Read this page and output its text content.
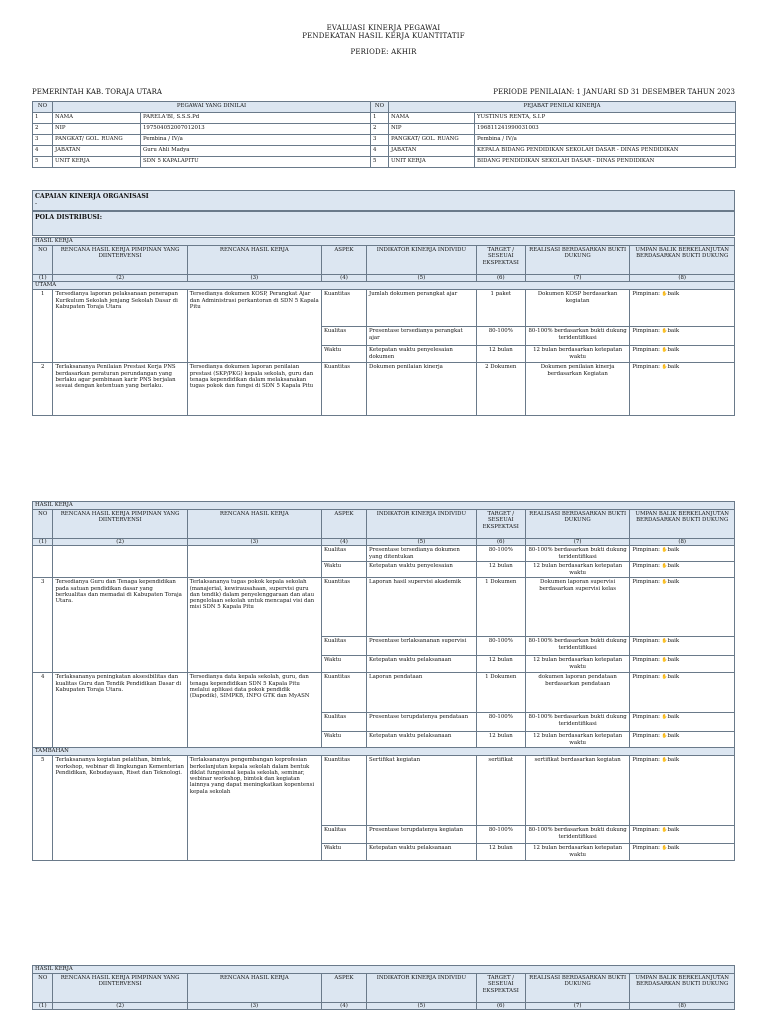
EVALUASI KINERJA PEGAWAI
PENDEKATAN HASIL KERJA KUANTITATIF
PERIODE: AKHIR
PEMERINTAH KAB. TORAJA UTARA	PERIODE PENILAIAN: 1 JANUARI SD 31 DESEMBER TAHUN 2023
NO	PEGAWAI YANG DINILAI		NO	PEJABAT PENILAI KINERJA	
1	NAMA	PARELA'BI, S.S.S.Pd	1	NAMA	YUSTINUS RENTA, S.I.P
2	NIP	197504052007012013	2	NIP	196811241990031003
3	PANGKAT/ GOL. RUANG	Pembina / IV/a	3	PANGKAT/ GOL. RUANG	Pembina / IV/a
4	JABATAN	Guru Ahli Madya	4	JABATAN	KEPALA BIDANG PENDIDIKAN SEKOLAH DASAR - DINAS PENDIDIKAN
5	UNIT KERJA	SDN 5 KAPALAPITU	5	UNIT KERJA	BIDANG PENDIDIKAN SEKOLAH DASAR - DINAS PENDIDIKAN
CAPAIAN KINERJA ORGANISASI
-
POLA DISTRIBUSI:
HASIL KERJA							
NO	RENCANA HASIL KERJA PIMPINAN YANG DIINTERVENSI	RENCANA HASIL KERJA	ASPEK	INDIKATOR KINERJA INDIVIDU	TARGET / SESEUAI EKSPEKTASI	REALISASI BERDASARKAN BUKTI DUKUNG	UMPAN BALIK BERKELANJUTAN BERDASARKAN BUKTI DUKUNG
(1)	(2)	(3)	(4)	(5)	(6)	(7)	(8)
UTAMA							
1	Tersedianya laporan pelaksanaan penerapan Kurikulum Sekolah jenjang Sekolah Dasar di Kabupaten Toraja Utara	Tersedianya dokumen KOSP, Perangkat Ajar dan Administrasi perkantoran di SDN 5 Kapala Pitu	Kuantitas	Jumlah dokumen perangkat ajar	1 paket	Dokumen KOSP berdasarkan kegiatan	Pimpinan: ✋baik
			Kualitas	Presentase tersedianya perangkat ajar	80-100%	80-100% berdasarkan bukti dukung teridentifikasi	Pimpinan: ✋baik
			Waktu	Ketepatan waktu penyelesaian dokumen	12 bulan	12 bulan berdasarkan ketepatan waktu	Pimpinan: ✋baik
2	Terlaksananya Penilaian Prestasi Kerja PNS berdasarkan peraturan perundangan yang berlaku agar pembinaan karir PNS berjalan sesuai dengan ketentuan yang berlaku.	Tersedianya dokumen laporan penilaian prestasi (SKP/PKG) kepala sekolah, guru dan tenaga kependidikan dalam melaksanakan tugas pokok dan fungsi di SDN 5 Kapala Pitu	Kuantitas	Dokumen penilaian kinerja	2 Dokumen	Dokumen penilaian kinerja berdasarkan Kegiatan	Pimpinan: ✋baik
HASIL KERJA							
NO	RENCANA HASIL KERJA PIMPINAN YANG DIINTERVENSI	RENCANA HASIL KERJA	ASPEK	INDIKATOR KINERJA INDIVIDU	TARGET / SESEUAI EKSPEKTASI	REALISASI BERDASARKAN BUKTI DUKUNG	UMPAN BALIK BERKELANJUTAN BERDASARKAN BUKTI DUKUNG
(1)	(2)	(3)	(4)	(5)	(6)	(7)	(8)
			Kualitas	Presentase tersedianya dokumen yang ditentukan	80-100%	80-100% berdasarkan bukti dukung teridentifikasi	Pimpinan: ✋baik
			Waktu	Ketepatan waktu penyelesaian	12 bulan	12 bulan berdasarkan ketepatan waktu	Pimpinan: ✋baik
3	Tersedianya Guru dan Tenaga kependidikan pada satuan pendidikan dasar yang berkualitas dan memadai di Kabupaten Toraja Utara.	Terlaksananya tugas pokok kepala sekolah (manajerial, kewirausahaan, supervisi guru dan tendik) dalam penyelenggaraan dan atau pengelolaan sekolah untuk mencapai visi dan misi SDN 5 Kapala Pitu	Kuantitas	Laporan hasil supervisi akademik	1 Dokumen	Dokumen laporan supervisi berdasarkan supervisi kelas	Pimpinan: ✋baik
			Kualitas	Presentase terlaksananan supervisi	80-100%	80-100% berdasarkan bukti dukung teridentifikasi	Pimpinan: ✋baik
			Waktu	Ketepatan waktu pelaksanaan	12 bulan	12 bulan berdasarkan ketepatan waktu	Pimpinan: ✋baik
4	Terlaksananya peningkatan aksesibilitas dan kualitas Guru dan Tendik Pendidikan Dasar di Kabupaten Toraja Utara.	Tersedianya data kepala sekolah, guru, dan tenaga kependidikan SDN 5 Kapala Pitu melalui aplikasi data pokok pendidik (Dapodik), SIMPKB, INFO GTK dan MyASN	Kuantitas	Laporan pendataan	1 Dokumen	dokumen laporan pendataan berdasarkan pendataan	Pimpinan: ✋baik
			Kualitas	Presentase terupdatenya pendataan	80-100%	80-100% berdasarkan bukti dukung teridentifikasi	Pimpinan: ✋baik
			Waktu	Ketepatan waktu pelaksanaan	12 bulan	12 bulan berdasarkan ketepatan waktu	Pimpinan: ✋baik
TAMBAHAN							
5	Terlaksananya kegiatan pelatihan, bimtek, workshop, webinar di lingkungan Kementerian Pendidikan, Kebudayaan, Riset dan Teknologi.	Terlaksananya pengembangan keprofesian berkelanjutan kepala sekolah dalam bentuk diklat fungsional kepala sekolah, seminar, webinar workshop, bimtek dan kegiatan lainnya yang dapat meningkatkan kopentensi kepala sekolah	Kuantitas	Sertifikat kegiatan	sertifikat	sertifikat berdasarkan kegiatan	Pimpinan: ✋baik
			Kualitas	Presentase terupdatenya kegiatan	80-100%	80-100% berdasarkan bukti dukung teridentifikasi	Pimpinan: ✋baik
			Waktu	Ketepatan waktu pelaksanaan	12 bulan	12 bulan berdasarkan ketepatan waktu	Pimpinan: ✋baik
HASIL KERJA							
NO	RENCANA HASIL KERJA PIMPINAN YANG DIINTERVENSI	RENCANA HASIL KERJA	ASPEK	INDIKATOR KINERJA INDIVIDU	TARGET / SESEUAI EKSPEKTASI	REALISASI BERDASARKAN BUKTI DUKUNG	UMPAN BALIK BERKELANJUTAN BERDASARKAN BUKTI DUKUNG
(1)	(2)	(3)	(4)	(5)	(6)	(7)	(8)
